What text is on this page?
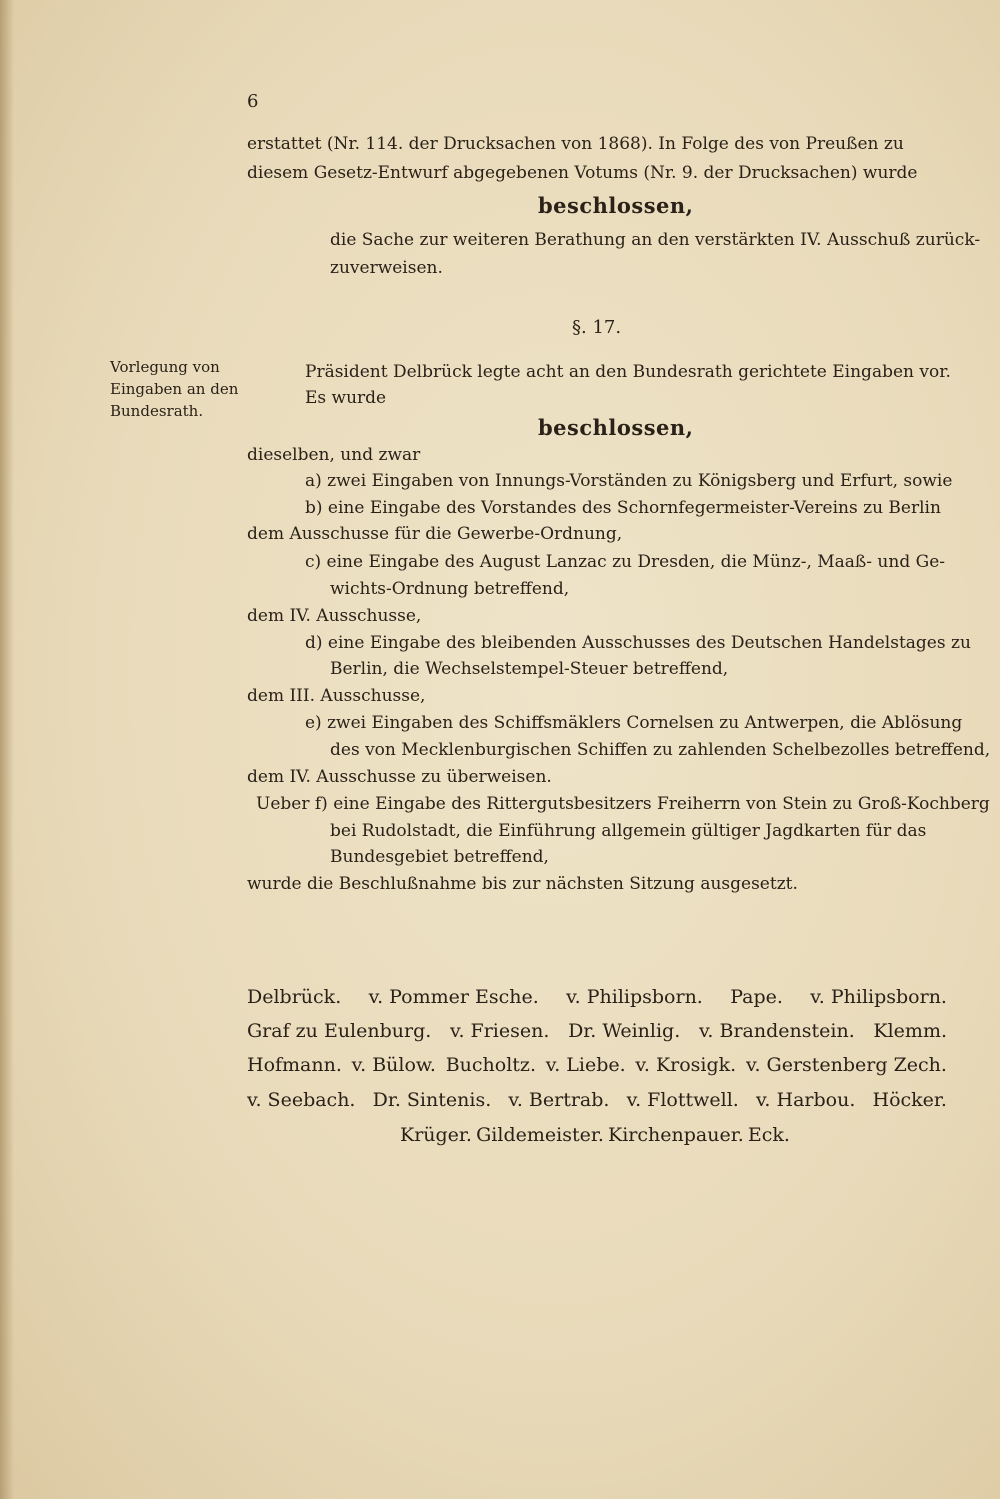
6
erstattet (Nr. 114. der Drucksachen von 1868). In Folge des von Preußen zu
diesem Gesetz-Entwurf abgegebenen Votums (Nr. 9. der Drucksachen) wurde
beschlossen,
die Sache zur weiteren Berathung an den verstärkten IV. Ausschuß zurück-
zuverweisen.
§. 17.
Vorlegung von
Eingaben an den
Bundesrath.
Präsident Delbrück legte acht an den Bundesrath gerichtete Eingaben vor.
Es wurde
beschlossen,
dieselben, und zwar
a) zwei Eingaben von Innungs-Vorständen zu Königsberg und Erfurt, sowie
b) eine Eingabe des Vorstandes des Schornfegermeister-Vereins zu Berlin
dem Ausschusse für die Gewerbe-Ordnung,
c) eine Eingabe des August Lanzac zu Dresden, die Münz-, Maaß- und Ge-
wichts-Ordnung betreffend,
dem IV. Ausschusse,
d) eine Eingabe des bleibenden Ausschusses des Deutschen Handelstages zu
Berlin, die Wechselstempel-Steuer betreffend,
dem III. Ausschusse,
e) zwei Eingaben des Schiffsmäklers Cornelsen zu Antwerpen, die Ablösung
des von Mecklenburgischen Schiffen zu zahlenden Schelbezolles betreffend,
dem IV. Ausschusse zu überweisen.
Ueber f) eine Eingabe des Rittergutsbesitzers Freiherrn von Stein zu Groß-Kochberg
bei Rudolstadt, die Einführung allgemein gültiger Jagdkarten für das
Bundesgebiet betreffend,
wurde die Beschlußnahme bis zur nächsten Sitzung ausgesetzt.
Delbrück. v. Pommer Esche. v. Philipsborn. Pape. v. Philipsborn.
Graf zu Eulenburg. v. Friesen. Dr. Weinlig. v. Brandenstein. Klemm.
Hofmann. v. Bülow. Bucholtz. v. Liebe. v. Krosigk. v. Gerstenberg Zech.
v. Seebach. Dr. Sintenis. v. Bertrab. v. Flottwell. v. Harbou. Höcker.
Krüger. Gildemeister. Kirchenpauer. Eck.
